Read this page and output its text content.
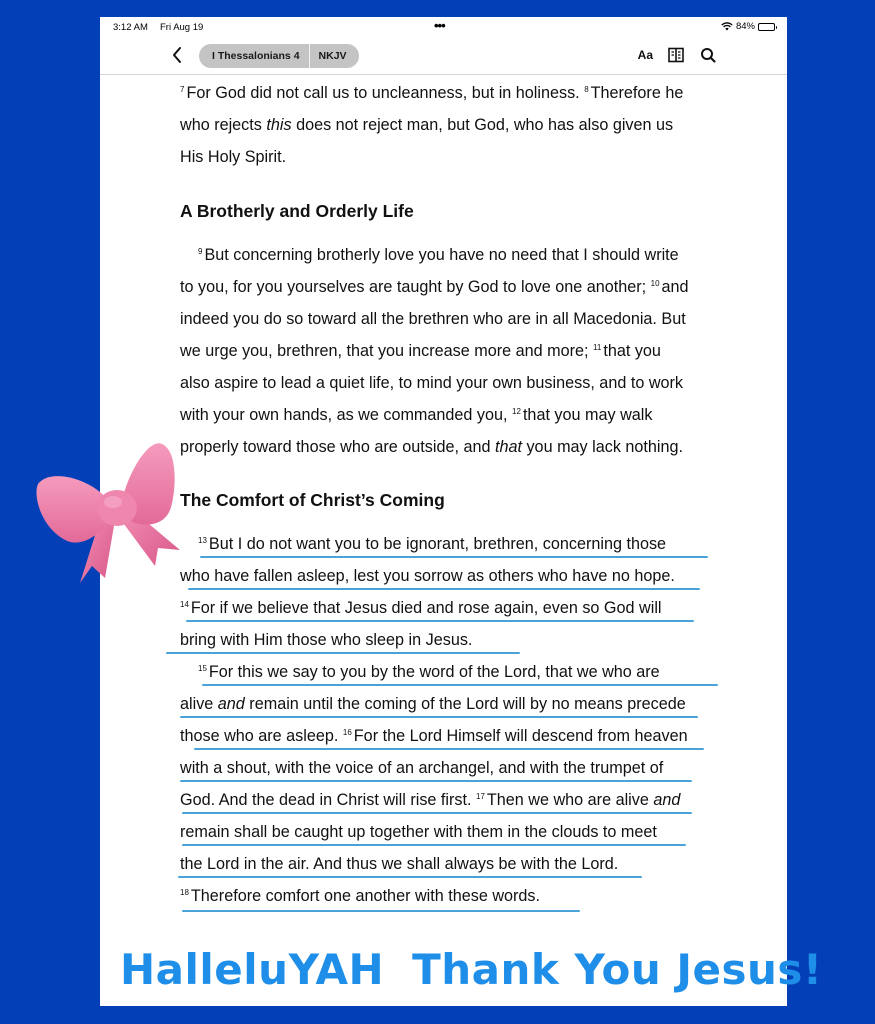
3:12 AM Fri Aug 19	•••	84%
I Thessalonians 4	NKJV	Aa
$^7$ For God did not call us to uncleanness, but in holiness. $^8$ Therefore he
who rejects this does not reject man, but God, who has also given us
His Holy Spirit.
A Brotherly and Orderly Life
$^9$ But concerning brotherly love you have no need that I should write
to you, for you yourselves are taught by God to love one another; $^{10}$ and
indeed you do so toward all the brethren who are in all Macedonia. But
we urge you, brethren, that you increase more and more; $^{11}$ that you
also aspire to lead a quiet life, to mind your own business, and to work
with your own hands, as we commanded you, $^{12}$ that you may walk
properly toward those who are outside, and that you may lack nothing.
The Comfort of Christ’s Coming
$^{13}$ But I do not want you to be ignorant, brethren, concerning those
who have fallen asleep, lest you sorrow as others who have no hope.
$^{14}$ For if we believe that Jesus died and rose again, even so God will
bring with Him those who sleep in Jesus.
$^{15}$ For this we say to you by the word of the Lord, that we who are
alive and remain until the coming of the Lord will by no means precede
those who are asleep. $^{16}$ For the Lord Himself will descend from heaven
with a shout, with the voice of an archangel, and with the trumpet of
God. And the dead in Christ will rise first. $^{17}$ Then we who are alive and
remain shall be caught up together with them in the clouds to meet
the Lord in the air. And thus we shall always be with the Lord.
$^{18}$ Therefore comfort one another with these words.
HalleluYAH Thank You Jesus!
